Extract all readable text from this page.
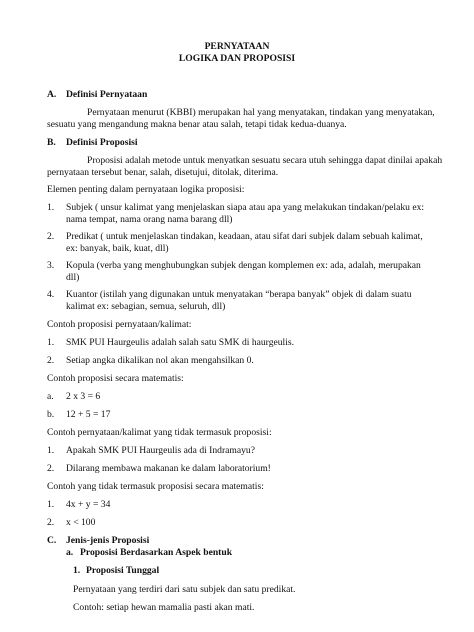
PERNYATAAN
LOGIKA DAN PROPOSISI
A. Definisi Pernyataan
Pernyataan menurut (KBBI) merupakan hal yang menyatakan, tindakan yang menyatakan,
sesuatu yang mengandung makna benar atau salah, tetapi tidak kedua-duanya.
B. Definisi Proposisi
Proposisi adalah metode untuk menyatkan sesuatu secara utuh sehingga dapat dinilai apakah
pernyataan tersebut benar, salah, disetujui, ditolak, diterima.
Elemen penting dalam pernyataan logika proposisi:
1. Subjek ( unsur kalimat yang menjelaskan siapa atau apa yang melakukan tindakan/pelaku ex:
nama tempat, nama orang nama barang dll)
2. Predikat ( untuk menjelaskan tindakan, keadaan, atau sifat dari subjek dalam sebuah kalimat,
ex: banyak, baik, kuat, dll)
3. Kopula (verba yang menghubungkan subjek dengan komplemen ex: ada, adalah, merupakan
dll)
4. Kuantor (istilah yang digunakan untuk menyatakan “berapa banyak” objek di dalam suatu
kalimat ex: sebagian, semua, seluruh, dll)
Contoh proposisi pernyataan/kalimat:
1. SMK PUI Haurgeulis adalah salah satu SMK di haurgeulis.
2. Setiap angka dikalikan nol akan mengahsilkan 0.
Contoh proposisi secara matematis:
a. 2 x 3 = 6
b. 12 + 5 = 17
Contoh pernyataan/kalimat yang tidak termasuk proposisi:
1. Apakah SMK PUI Haurgeulis ada di Indramayu?
2. Dilarang membawa makanan ke dalam laboratorium!
Contoh yang tidak termasuk proposisi secara matematis:
1. 4x + y = 34
2. x < 100
C. Jenis-jenis Proposisi
a. Proposisi Berdasarkan Aspek bentuk
1. Proposisi Tunggal
Pernyataan yang terdiri dari satu subjek dan satu predikat.
Contoh: setiap hewan mamalia pasti akan mati.
